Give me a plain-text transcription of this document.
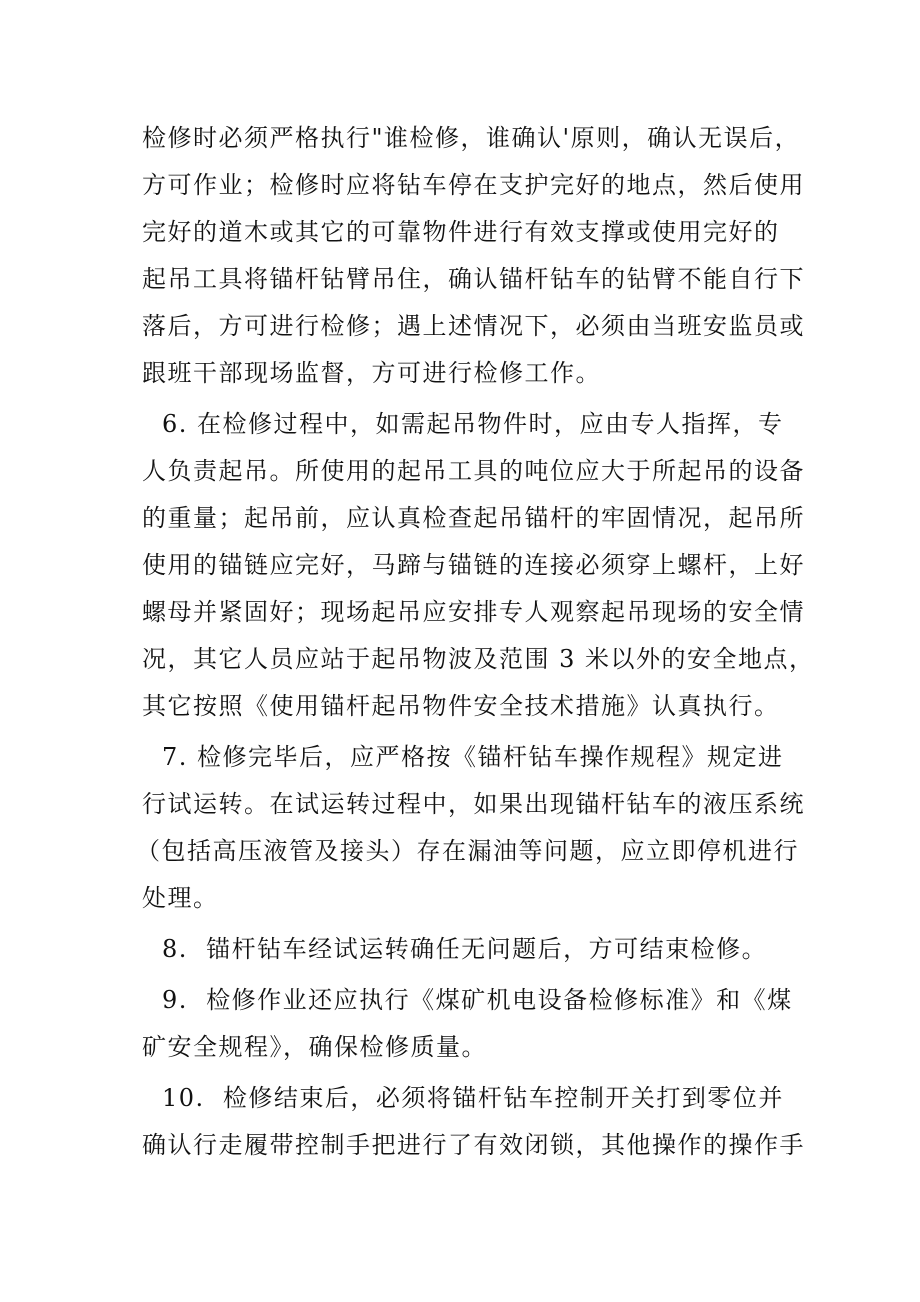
检修时必须严格执行"谁检修，谁确认'原则，确认无误后，
方可作业；检修时应将钻车停在支护完好的地点，然后使用
完好的道木或其它的可靠物件进行有效支撑或使用完好的
起吊工具将锚杆钻臂吊住，确认锚杆钻车的钻臂不能自行下
落后，方可进行检修；遇上述情况下，必须由当班安监员或
跟班干部现场监督，方可进行检修工作。
6. 在检修过程中，如需起吊物件时，应由专人指挥，专
人负责起吊。所使用的起吊工具的吨位应大于所起吊的设备
的重量；起吊前，应认真检查起吊锚杆的牢固情况，起吊所
使用的锚链应完好，马蹄与锚链的连接必须穿上螺杆，上好
螺母并紧固好；现场起吊应安排专人观察起吊现场的安全情
况，其它人员应站于起吊物波及范围 3 米以外的安全地点，
其它按照《使用锚杆起吊物件安全技术措施》认真执行。
7. 检修完毕后，应严格按《锚杆钻车操作规程》规定进
行试运转。在试运转过程中，如果出现锚杆钻车的液压系统
（包括高压液管及接头）存在漏油等问题，应立即停机进行
处理。
8.  锚杆钻车经试运转确任无问题后，方可结束检修。
9.  检修作业还应执行《煤矿机电设备检修标准》和《煤
矿安全规程》，确保检修质量。
10.  检修结束后，必须将锚杆钻车控制开关打到零位并
确认行走履带控制手把进行了有效闭锁，其他操作的操作手
